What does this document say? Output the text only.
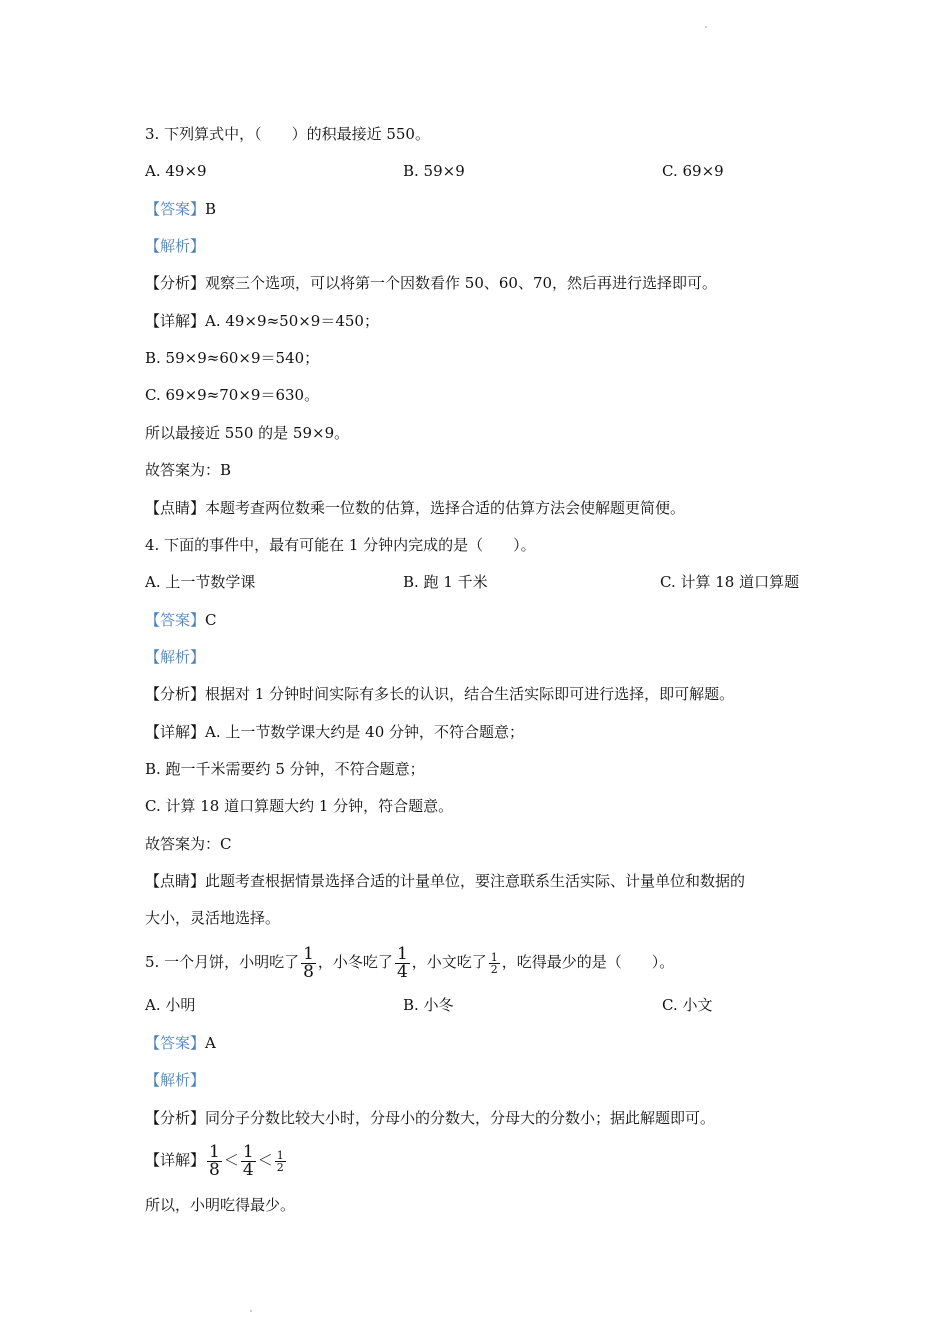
3. 下列算式中，（　　）的积最接近 550。
A. 49×9	B. 59×9	C. 69×9
【答案】B
【解析】
【分析】观察三个选项，可以将第一个因数看作 50、60、70，然后再进行选择即可。
【详解】A. 49×9≈50×9＝450；
B. 59×9≈60×9＝540；
C. 69×9≈70×9＝630。
所以最接近 550 的是 59×9。
故答案为：B
【点睛】本题考查两位数乘一位数的估算，选择合适的估算方法会使解题更简便。
4. 下面的事件中，最有可能在 1 分钟内完成的是（　　）。
A. 上一节数学课	B. 跑 1 千米	C. 计算 18 道口算题
【答案】C
【解析】
【分析】根据对 1 分钟时间实际有多长的认识，结合生活实际即可进行选择，即可解题。
【详解】A. 上一节数学课大约是 40 分钟，不符合题意；
B. 跑一千米需要约 5 分钟，不符合题意；
C. 计算 18 道口算题大约 1 分钟，符合题意。
故答案为：C
【点睛】此题考查根据情景选择合适的计量单位，要注意联系生活实际、计量单位和数据的
大小，灵活地选择。
5. 一个月饼，小明吃了 $\frac{1}{8}$ ，小冬吃了 $\frac{1}{4}$ ，小文吃了 $\frac{1}{2}$ ，吃得最少的是（　　）。
A. 小明	B. 小冬	C. 小文
【答案】A
【解析】
【分析】同分子分数比较大小时，分母小的分数大，分母大的分数小；据此解题即可。
【详解】 $\frac{1}{8} < \frac{1}{4} < \frac{1}{2}$
所以，小明吃得最少。
